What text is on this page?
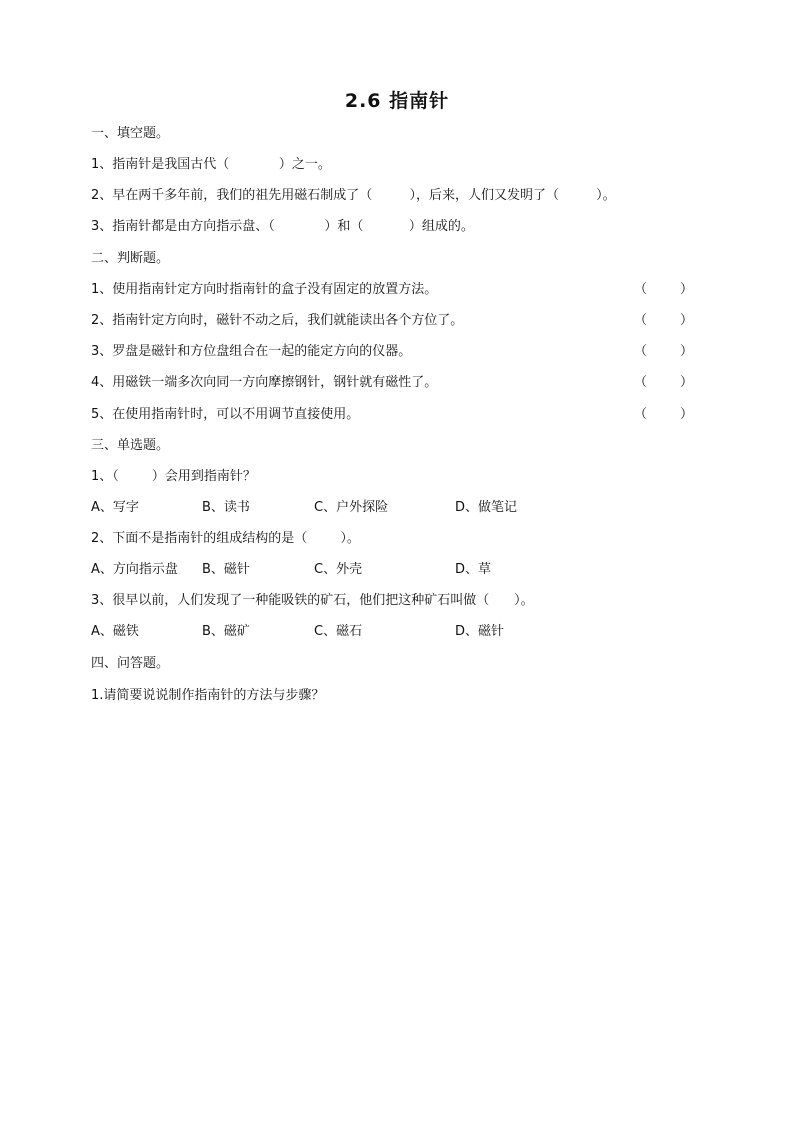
2.6 指南针
一、填空题。
1、指南针是我国古代（            ）之一。
2、早在两千多年前，我们的祖先用磁石制成了（         ），后来，人们又发明了（         ）。
3、指南针都是由方向指示盘、（            ）和（           ）组成的。
二、判断题。
1、使用指南针定方向时指南针的盒子没有固定的放置方法。	（        ）
2、指南针定方向时，磁针不动之后，我们就能读出各个方位了。	（        ）
3、罗盘是磁针和方位盘组合在一起的能定方向的仪器。	（        ）
4、用磁铁一端多次向同一方向摩擦钢针，钢针就有磁性了。	（        ）
5、在使用指南针时，可以不用调节直接使用。	（        ）
三、单选题。
1、（        ）会用到指南针？
A、写字	B、读书	C、户外探险	D、做笔记
2、下面不是指南针的组成结构的是（        ）。
A、方向指示盘 B、磁针	C、外壳	D、草
3、很早以前，人们发现了一种能吸铁的矿石，他们把这种矿石叫做（      ）。
A、磁铁	B、磁矿	C、磁石	D、磁针
四、问答题。
1.请简要说说制作指南针的方法与步骤？
